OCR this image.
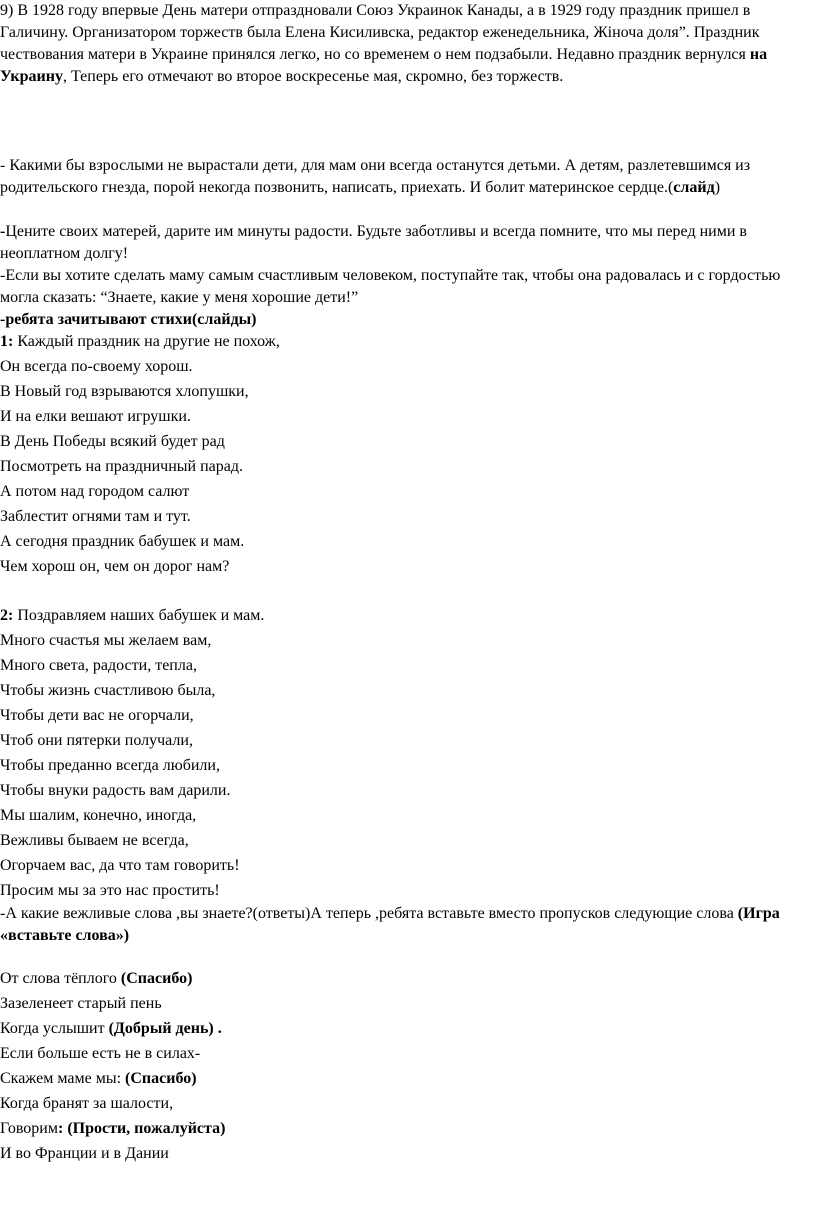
9) В 1928 году впервые День матери отпраздновали Союз Украинок Канады, а в 1929 году праздник пришел в Галичину. Организатором торжеств была Елена Кисиливска, редактор еженедельника, Жiноча доля”. Праздник чествования матери в Украине принялся легко, но со временем о нем подзабыли. Недавно праздник вернулся на Украину, Теперь его отмечают во второе воскресенье мая, скромно, без торжеств.

- Какими бы взрослыми не вырастали дети, для мам они всегда останутся детьми. А детям, разлетевшимся из родительского гнезда, порой некогда позвонить, написать, приехать. И болит материнское сердце.(слайд)

-Цените своих матерей, дарите им минуты радости. Будьте заботливы и всегда помните, что мы перед ними в неоплатном долгу!

-Если вы хотите сделать маму самым счастливым человеком, поступайте так, чтобы она радовалась и с гордостью могла сказать: “Знаете, какие у меня хорошие дети!”

-ребята зачитывают стихи(слайды)

1: Каждый праздник на другие не похож,

Он всегда по-своему хорош.

В Новый год взрываются хлопушки,

И на елки вешают игрушки.

В День Победы всякий будет рад

Посмотреть на праздничный парад.

А потом над городом салют

Заблестит огнями там и тут.

А сегодня праздник бабушек и мам.

Чем хорош он, чем он дорог нам?

2: Поздравляем наших бабушек и мам.

Много счастья мы желаем вам,

Много света, радости, тепла,

Чтобы жизнь счастливою была,

Чтобы дети вас не огорчали,

Чтоб они пятерки получали,

Чтобы преданно всегда любили,

Чтобы внуки радость вам дарили.

Мы шалим, конечно, иногда,

Вежливы бываем не всегда,

Огорчаем вас, да что там говорить!

Просим мы за это нас простить!

-А какие вежливые слова ,вы знаете?(ответы)А теперь ,ребята вставьте вместо пропусков следующие слова (Игра «вставьте слова»)

От слова тёплого (Спасибо)

Зазеленеет старый пень

Когда услышит (Добрый день) .

Если больше есть не в силах-

Скажем маме мы: (Спасибо)

Когда бранят за шалости,

Говорим: (Прости, пожалуйста)

И во Франции и в Дании
